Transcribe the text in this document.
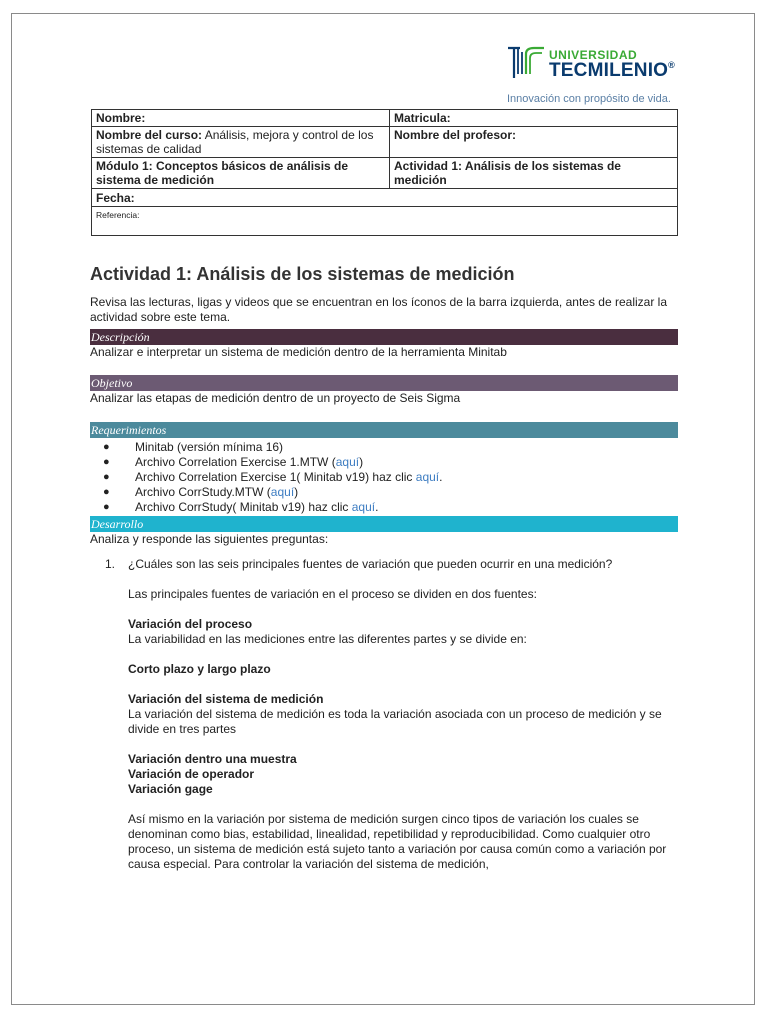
UNIVERSIDAD
TECMILENIO®
Innovación con propósito de vida.
Nombre:	Matricula:
Nombre del curso: Análisis, mejora y control de los sistemas de calidad	Nombre del profesor:
Módulo 1: Conceptos básicos de análisis de sistema de medición	Actividad 1: Análisis de los sistemas de medición

Fecha:
Referencia:	
Actividad 1: Análisis de los sistemas de medición

Revisa las lecturas, ligas y videos que se encuentran en los íconos de la barra izquierda, antes de realizar la actividad sobre este tema.

Descripción

Analizar e interpretar un sistema de medición dentro de la herramienta Minitab

Objetivo

Analizar las etapas de medición dentro de un proyecto de Seis Sigma

Requerimientos
● Minitab (versión mínima 16)
● Archivo Correlation Exercise 1.MTW (aquí)
● Archivo Correlation Exercise 1( Minitab v19) haz clic aquí.
● Archivo CorrStudy.MTW (aquí)
● Archivo CorrStudy( Minitab v19) haz clic aquí.
Desarrollo

Analiza y responde las siguientes preguntas:

1. ¿Cuáles son las seis principales fuentes de variación que pueden ocurrir en una medición?

Las principales fuentes de variación en el proceso se dividen en dos fuentes:

Variación del proceso

La variabilidad en las mediciones entre las diferentes partes y se divide en:

Corto plazo y largo plazo

Variación del sistema de medición

La variación del sistema de medición es toda la variación asociada con un proceso de medición y se divide en tres partes

Variación dentro una muestra

Variación de operador

Variación gage

Así mismo en la variación por sistema de medición surgen cinco tipos de variación los cuales se denominan como bias, estabilidad, linealidad, repetibilidad y reproducibilidad. Como cualquier otro proceso, un sistema de medición está sujeto tanto a variación por causa común como a variación por causa especial. Para controlar la variación del sistema de medición,
